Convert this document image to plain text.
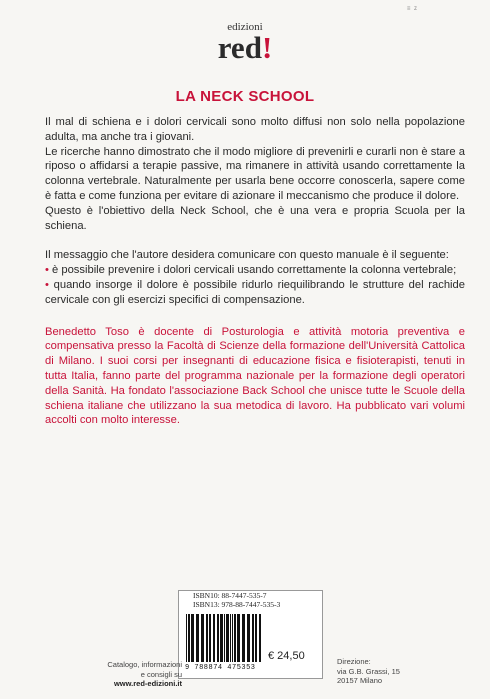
≡ z
edizioni
red!
LA NECK SCHOOL

Il mal di schiena e i dolori cervicali sono molto diffusi non solo nella popolazione adulta, ma anche tra i giovani.

Le ricerche hanno dimostrato che il modo migliore di prevenirli e curarli non è stare a riposo o affidarsi a terapie passive, ma rimanere in attività usando correttamente la colonna vertebrale. Naturalmente per usarla bene occorre conoscerla, sapere come è fatta e come funziona per evitare di azionare il meccanismo che produce il dolore.

Questo è l'obiettivo della Neck School, che è una vera e propria Scuola per la schiena.

Il messaggio che l'autore desidera comunicare con questo manuale è il seguente:

• è possibile prevenire i dolori cervicali usando correttamente la colonna vertebrale;

• quando insorge il dolore è possibile ridurlo riequilibrando le strutture del rachide cervicale con gli esercizi specifici di compensazione.

Benedetto Toso è docente di Posturologia e attività motoria preventiva e compensativa presso la Facoltà di Scienze della formazione dell'Università Cattolica di Milano. I suoi corsi per insegnanti di educazione fisica e fisioterapisti, tenuti in tutta Italia, fanno parte del programma nazionale per la formazione degli operatori della Sanità. Ha fondato l'associazione Back School che unisce tutte le Scuole della schiena italiane che utilizzano la sua metodica di lavoro. Ha pubblicato vari volumi accolti con molto interesse.

ISBN10: 88-7447-535-7
ISBN13: 978-88-7447-535-3
9 788874 475353
€ 24,50
Catalogo, informazioni
e consigli su
www.red-edizioni.it
Direzione:
via G.B. Grassi, 15
20157 Milano
